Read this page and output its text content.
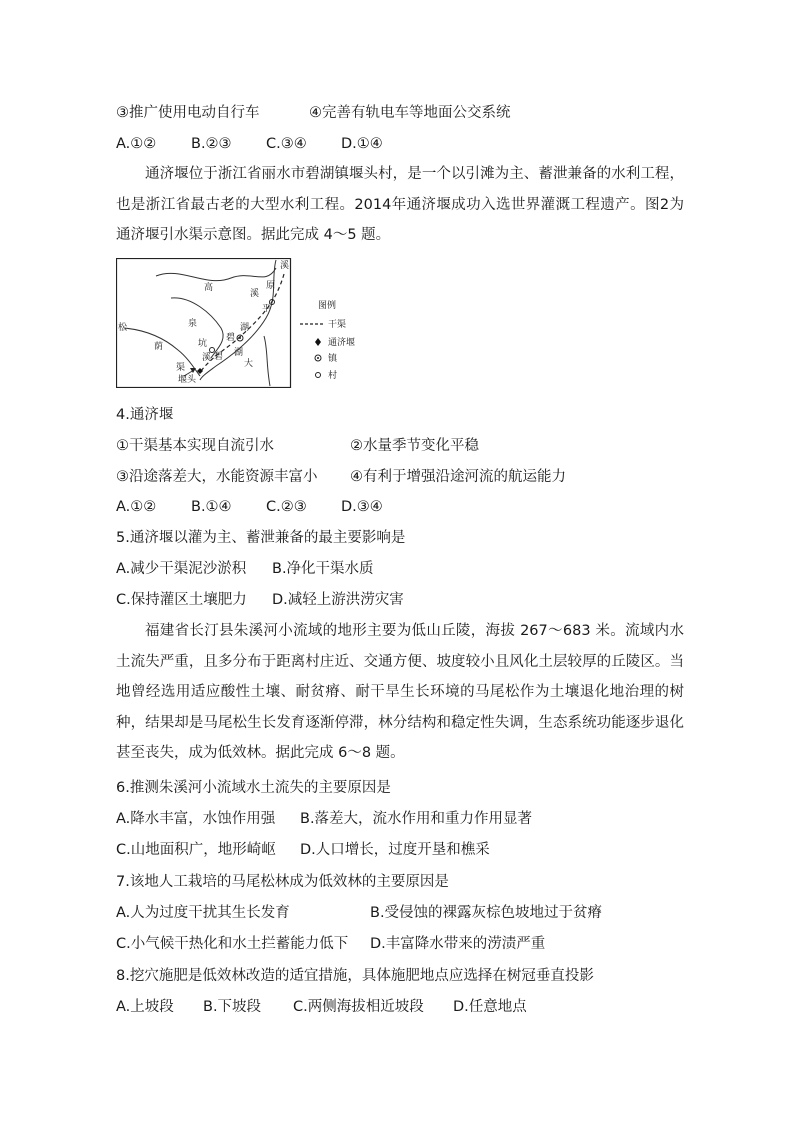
③推广使用电动自行车	④完善有轨电车等地面公交系统
A.①② B.②③ C.③④ D.①④
通济堰位于浙江省丽水市碧湖镇堰头村，是一个以引滩为主、蓄泄兼备的水利工程，也是浙江省最古老的大型水利工程。2014年通济堰成功入选世界灌溉工程遗产。图2为通济堰引水渠示意图。据此完成 4～5 题。
高
溪
原
平
溪
松
荫
泉
坑
溪
渠
碧
湖
碧
大
湖
堰头
图例
干渠
通济堰
镇
村
4.通济堰
①干渠基本实现自流引水	②水量季节变化平稳
③沿途落差大，水能资源丰富小 ④有利于增强沿途河流的航运能力
A.①② B.①④ C.②③ D.③④
5.通济堰以灌为主、蓄泄兼备的最主要影响是
A.减少干渠泥沙淤积 B.净化干渠水质
C.保持灌区土壤肥力 D.减轻上游洪涝灾害
福建省长汀县朱溪河小流域的地形主要为低山丘陵，海拔 267～683 米。流域内水土流失严重，且多分布于距离村庄近、交通方便、坡度较小且风化土层较厚的丘陵区。当地曾经选用适应酸性土壤、耐贫瘠、耐干旱生长环境的马尾松作为土壤退化地治理的树种，结果却是马尾松生长发育逐渐停滞，林分结构和稳定性失调，生态系统功能逐步退化甚至丧失，成为低效林。据此完成 6～8 题。
6.推测朱溪河小流域水土流失的主要原因是
A.降水丰富，水蚀作用强 B.落差大，流水作用和重力作用显著
C.山地面积广，地形崎岖 D.人口增长，过度开垦和樵采
7.该地人工栽培的马尾松林成为低效林的主要原因是
A.人为过度干扰其生长发育	B.受侵蚀的裸露灰棕色坡地过于贫瘠
C.小气候干热化和水土拦蓄能力低下 D.丰富降水带来的涝渍严重
8.挖穴施肥是低效林改造的适宜措施，具体施肥地点应选择在树冠垂直投影
A.上坡段 B.下坡段 C.两侧海拔相近坡段 D.任意地点
